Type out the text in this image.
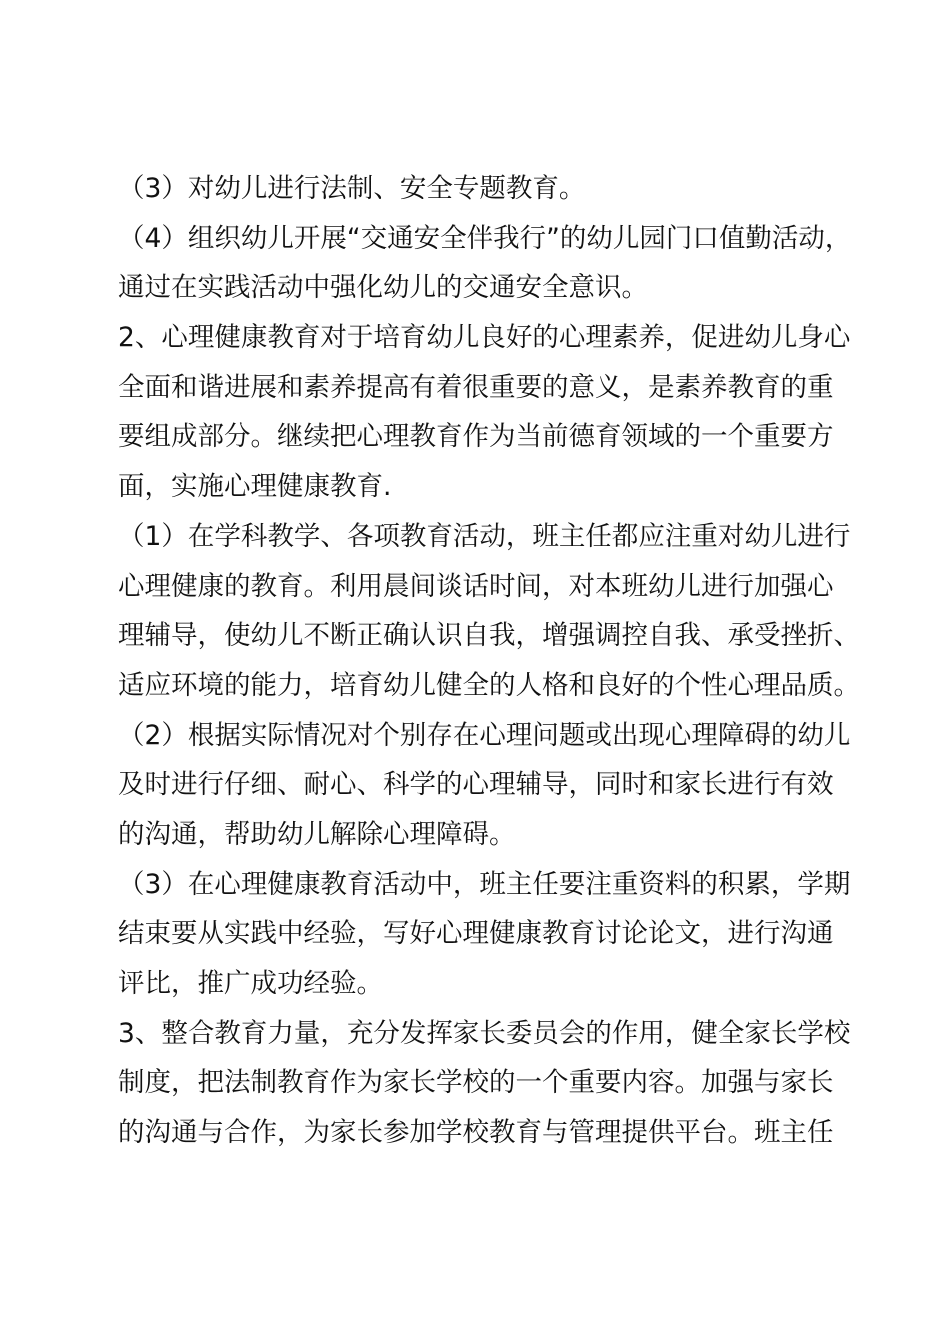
（3）对幼儿进行法制、安全专题教育。
（4）组织幼儿开展“交通安全伴我行”的幼儿园门口值勤活动，
通过在实践活动中强化幼儿的交通安全意识。
2、心理健康教育对于培育幼儿良好的心理素养，促进幼儿身心
全面和谐进展和素养提高有着很重要的意义，是素养教育的重
要组成部分。继续把心理教育作为当前德育领域的一个重要方
面，实施心理健康教育.
（1）在学科教学、各项教育活动，班主任都应注重对幼儿进行
心理健康的教育。利用晨间谈话时间，对本班幼儿进行加强心
理辅导，使幼儿不断正确认识自我，增强调控自我、承受挫折、
适应环境的能力，培育幼儿健全的人格和良好的个性心理品质。
（2）根据实际情况对个别存在心理问题或出现心理障碍的幼儿
及时进行仔细、耐心、科学的心理辅导，同时和家长进行有效
的沟通，帮助幼儿解除心理障碍。
（3）在心理健康教育活动中，班主任要注重资料的积累，学期
结束要从实践中经验，写好心理健康教育讨论论文，进行沟通
评比，推广成功经验。
3、整合教育力量，充分发挥家长委员会的作用，健全家长学校
制度，把法制教育作为家长学校的一个重要内容。加强与家长
的沟通与合作，为家长参加学校教育与管理提供平台。班主任
